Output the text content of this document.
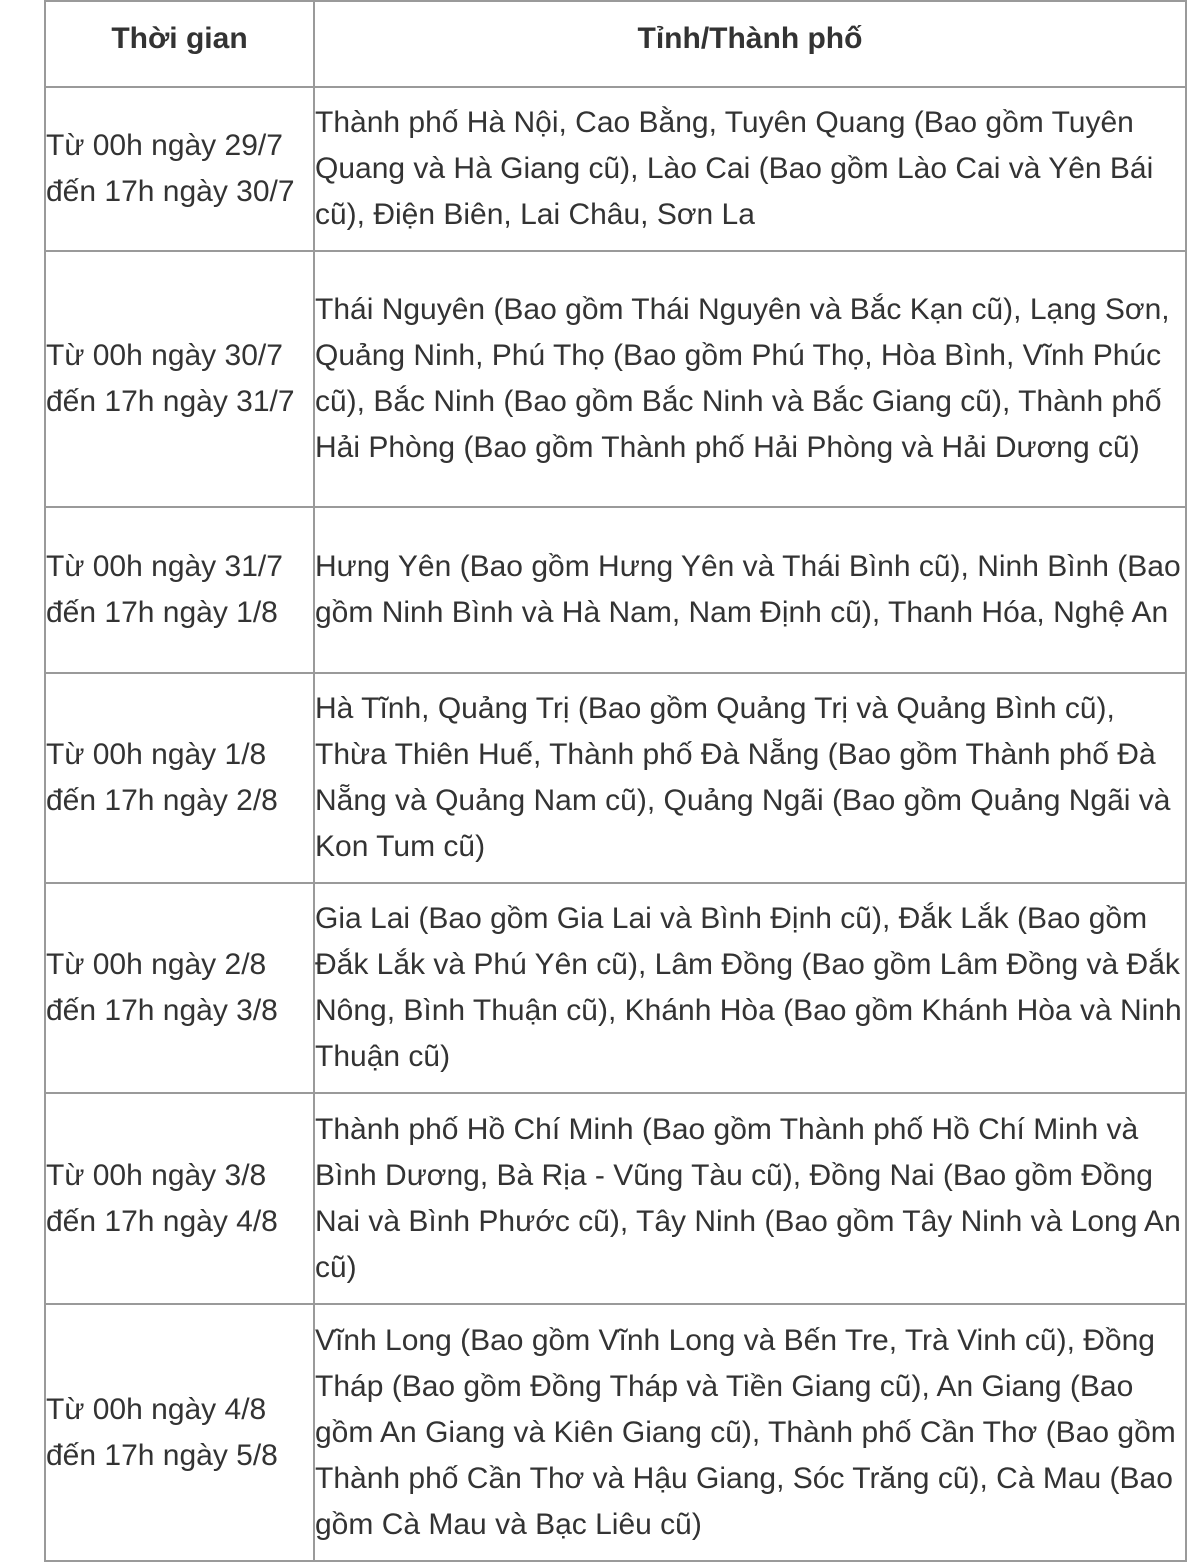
Thời gian	Tỉnh/Thành phố

Từ 00h ngày 29/7
đến 17h ngày 30/7	Thành phố Hà Nội, Cao Bằng, Tuyên Quang (Bao gồm Tuyên Quang và Hà Giang cũ), Lào Cai (Bao gồm Lào Cai và Yên Bái cũ), Điện Biên, Lai Châu, Sơn La

Từ 00h ngày 30/7
đến 17h ngày 31/7	Thái Nguyên (Bao gồm Thái Nguyên và Bắc Kạn cũ), Lạng Sơn, Quảng Ninh, Phú Thọ (Bao gồm Phú Thọ, Hòa Bình, Vĩnh Phúc cũ), Bắc Ninh (Bao gồm Bắc Ninh và Bắc Giang cũ), Thành phố Hải Phòng (Bao gồm Thành phố Hải Phòng và Hải Dương cũ)

Từ 00h ngày 31/7
đến 17h ngày 1/8	Hưng Yên (Bao gồm Hưng Yên và Thái Bình cũ), Ninh Bình (Bao gồm Ninh Bình và Hà Nam, Nam Định cũ), Thanh Hóa, Nghệ An

Từ 00h ngày 1/8
đến 17h ngày 2/8	Hà Tĩnh, Quảng Trị (Bao gồm Quảng Trị và Quảng Bình cũ), Thừa Thiên Huế, Thành phố Đà Nẵng (Bao gồm Thành phố Đà Nẵng và Quảng Nam cũ), Quảng Ngãi (Bao gồm Quảng Ngãi và Kon Tum cũ)

Từ 00h ngày 2/8
đến 17h ngày 3/8	Gia Lai (Bao gồm Gia Lai và Bình Định cũ), Đắk Lắk (Bao gồm Đắk Lắk và Phú Yên cũ), Lâm Đồng (Bao gồm Lâm Đồng và Đắk Nông, Bình Thuận cũ), Khánh Hòa (Bao gồm Khánh Hòa và Ninh Thuận cũ)

Từ 00h ngày 3/8
đến 17h ngày 4/8	Thành phố Hồ Chí Minh (Bao gồm Thành phố Hồ Chí Minh và Bình Dương, Bà Rịa - Vũng Tàu cũ), Đồng Nai (Bao gồm Đồng Nai và Bình Phước cũ), Tây Ninh (Bao gồm Tây Ninh và Long An cũ)

Từ 00h ngày 4/8
đến 17h ngày 5/8	Vĩnh Long (Bao gồm Vĩnh Long và Bến Tre, Trà Vinh cũ), Đồng Tháp (Bao gồm Đồng Tháp và Tiền Giang cũ), An Giang (Bao gồm An Giang và Kiên Giang cũ), Thành phố Cần Thơ (Bao gồm Thành phố Cần Thơ và Hậu Giang, Sóc Trăng cũ), Cà Mau (Bao gồm Cà Mau và Bạc Liêu cũ)
